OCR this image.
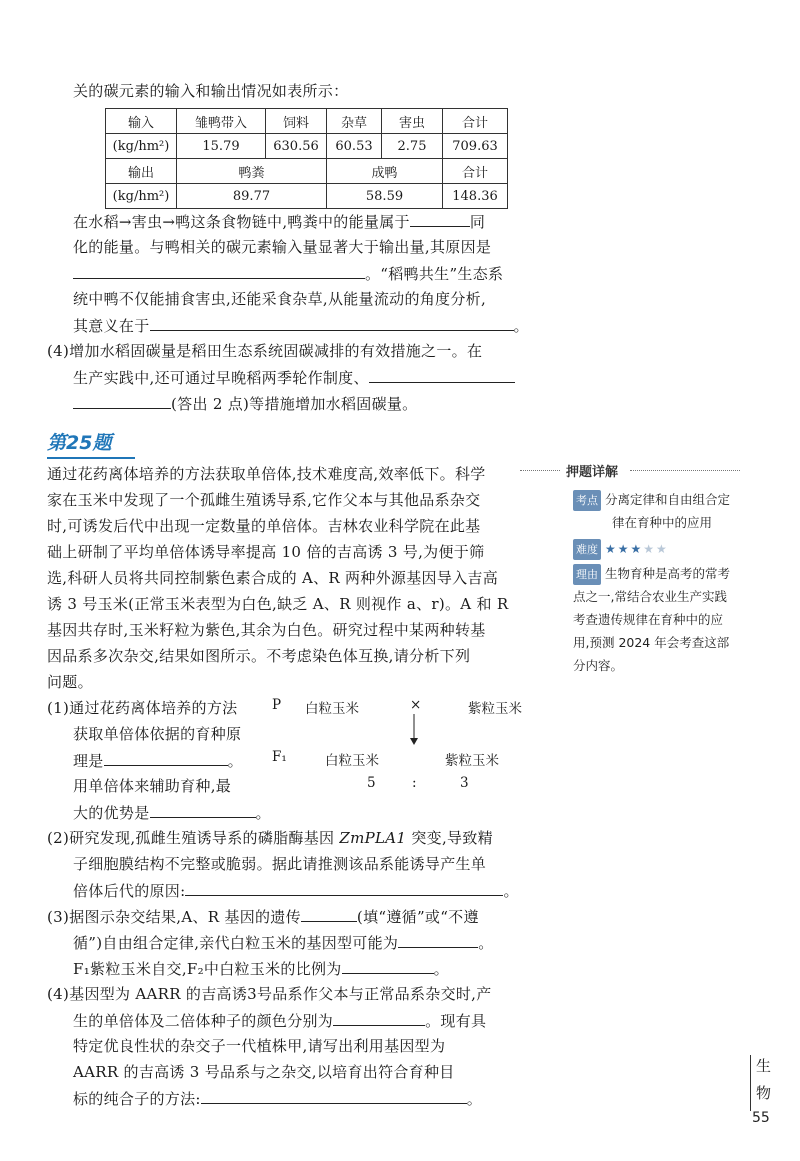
关的碳元素的输入和输出情况如表所示：
输入	雏鸭带入	饲料	杂草	害虫	合计
(kg/hm²)	15.79	630.56	60.53	2.75	709.63
输出	鸭粪		成鸭		合计
(kg/hm²)	89.77		58.59		148.36
在水稻→害虫→鸭这条食物链中,鸭粪中的能量属于	同
化的能量。与鸭相关的碳元素输入量显著大于输出量,其原因是
。“稻鸭共生”生态系
统中鸭不仅能捕食害虫,还能采食杂草,从能量流动的角度分析,
其意义在于	。
(4)增加水稻固碳量是稻田生态系统固碳减排的有效措施之一。在
生产实践中,还可通过早晚稻两季轮作制度、
(答出 2 点)等措施增加水稻固碳量。
第25题
通过花药离体培养的方法获取单倍体,技术难度高,效率低下。科学
家在玉米中发现了一个孤雌生殖诱导系,它作父本与其他品系杂交
时,可诱发后代中出现一定数量的单倍体。吉林农业科学院在此基
础上研制了平均单倍体诱导率提高 10 倍的吉高诱 3 号,为便于筛
选,科研人员将共同控制紫色素合成的 A、R 两种外源基因导入吉高
诱 3 号玉米(正常玉米表型为白色,缺乏 A、R 则视作 a、r)。A 和 R
基因共存时,玉米籽粒为紫色,其余为白色。研究过程中某两种转基
因品系多次杂交,结果如图所示。不考虑染色体互换,请分析下列
问题。
(1)通过花药离体培养的方法
获取单倍体依据的育种原
理是	。
用单倍体来辅助育种,最
大的优势是	。
P 白粒玉米	×	紫粒玉米
F₁	白粒玉米	紫粒玉米
5	:	3
(2)研究发现,孤雌生殖诱导系的磷脂酶基因 ZmPLA1 突变,导致精
子细胞膜结构不完整或脆弱。据此请推测该品系能诱导产生单
倍体后代的原因:	。
(3)据图示杂交结果,A、R 基因的遗传	(填“遵循”或“不遵
循”)自由组合定律,亲代白粒玉米的基因型可能为	。
F₁紫粒玉米自交,F₂中白粒玉米的比例为	。
(4)基因型为 AARR 的吉高诱3号品系作父本与正常品系杂交时,产
生的单倍体及二倍体种子的颜色分别为	。现有具
特定优良性状的杂交子一代植株甲,请写出利用基因型为
AARR 的吉高诱 3 号品系与之杂交,以培育出符合育种目
标的纯合子的方法:	。
押题详解
考点 分离定律和自由组合定
律在育种中的应用
难度 ★ ★ ★ ★ ★
理由 生物育种是高考的常考
点之一,常结合农业生产实践
考查遗传规律在育种中的应
用,预测 2024 年会考查这部
分内容。
生
物
55
